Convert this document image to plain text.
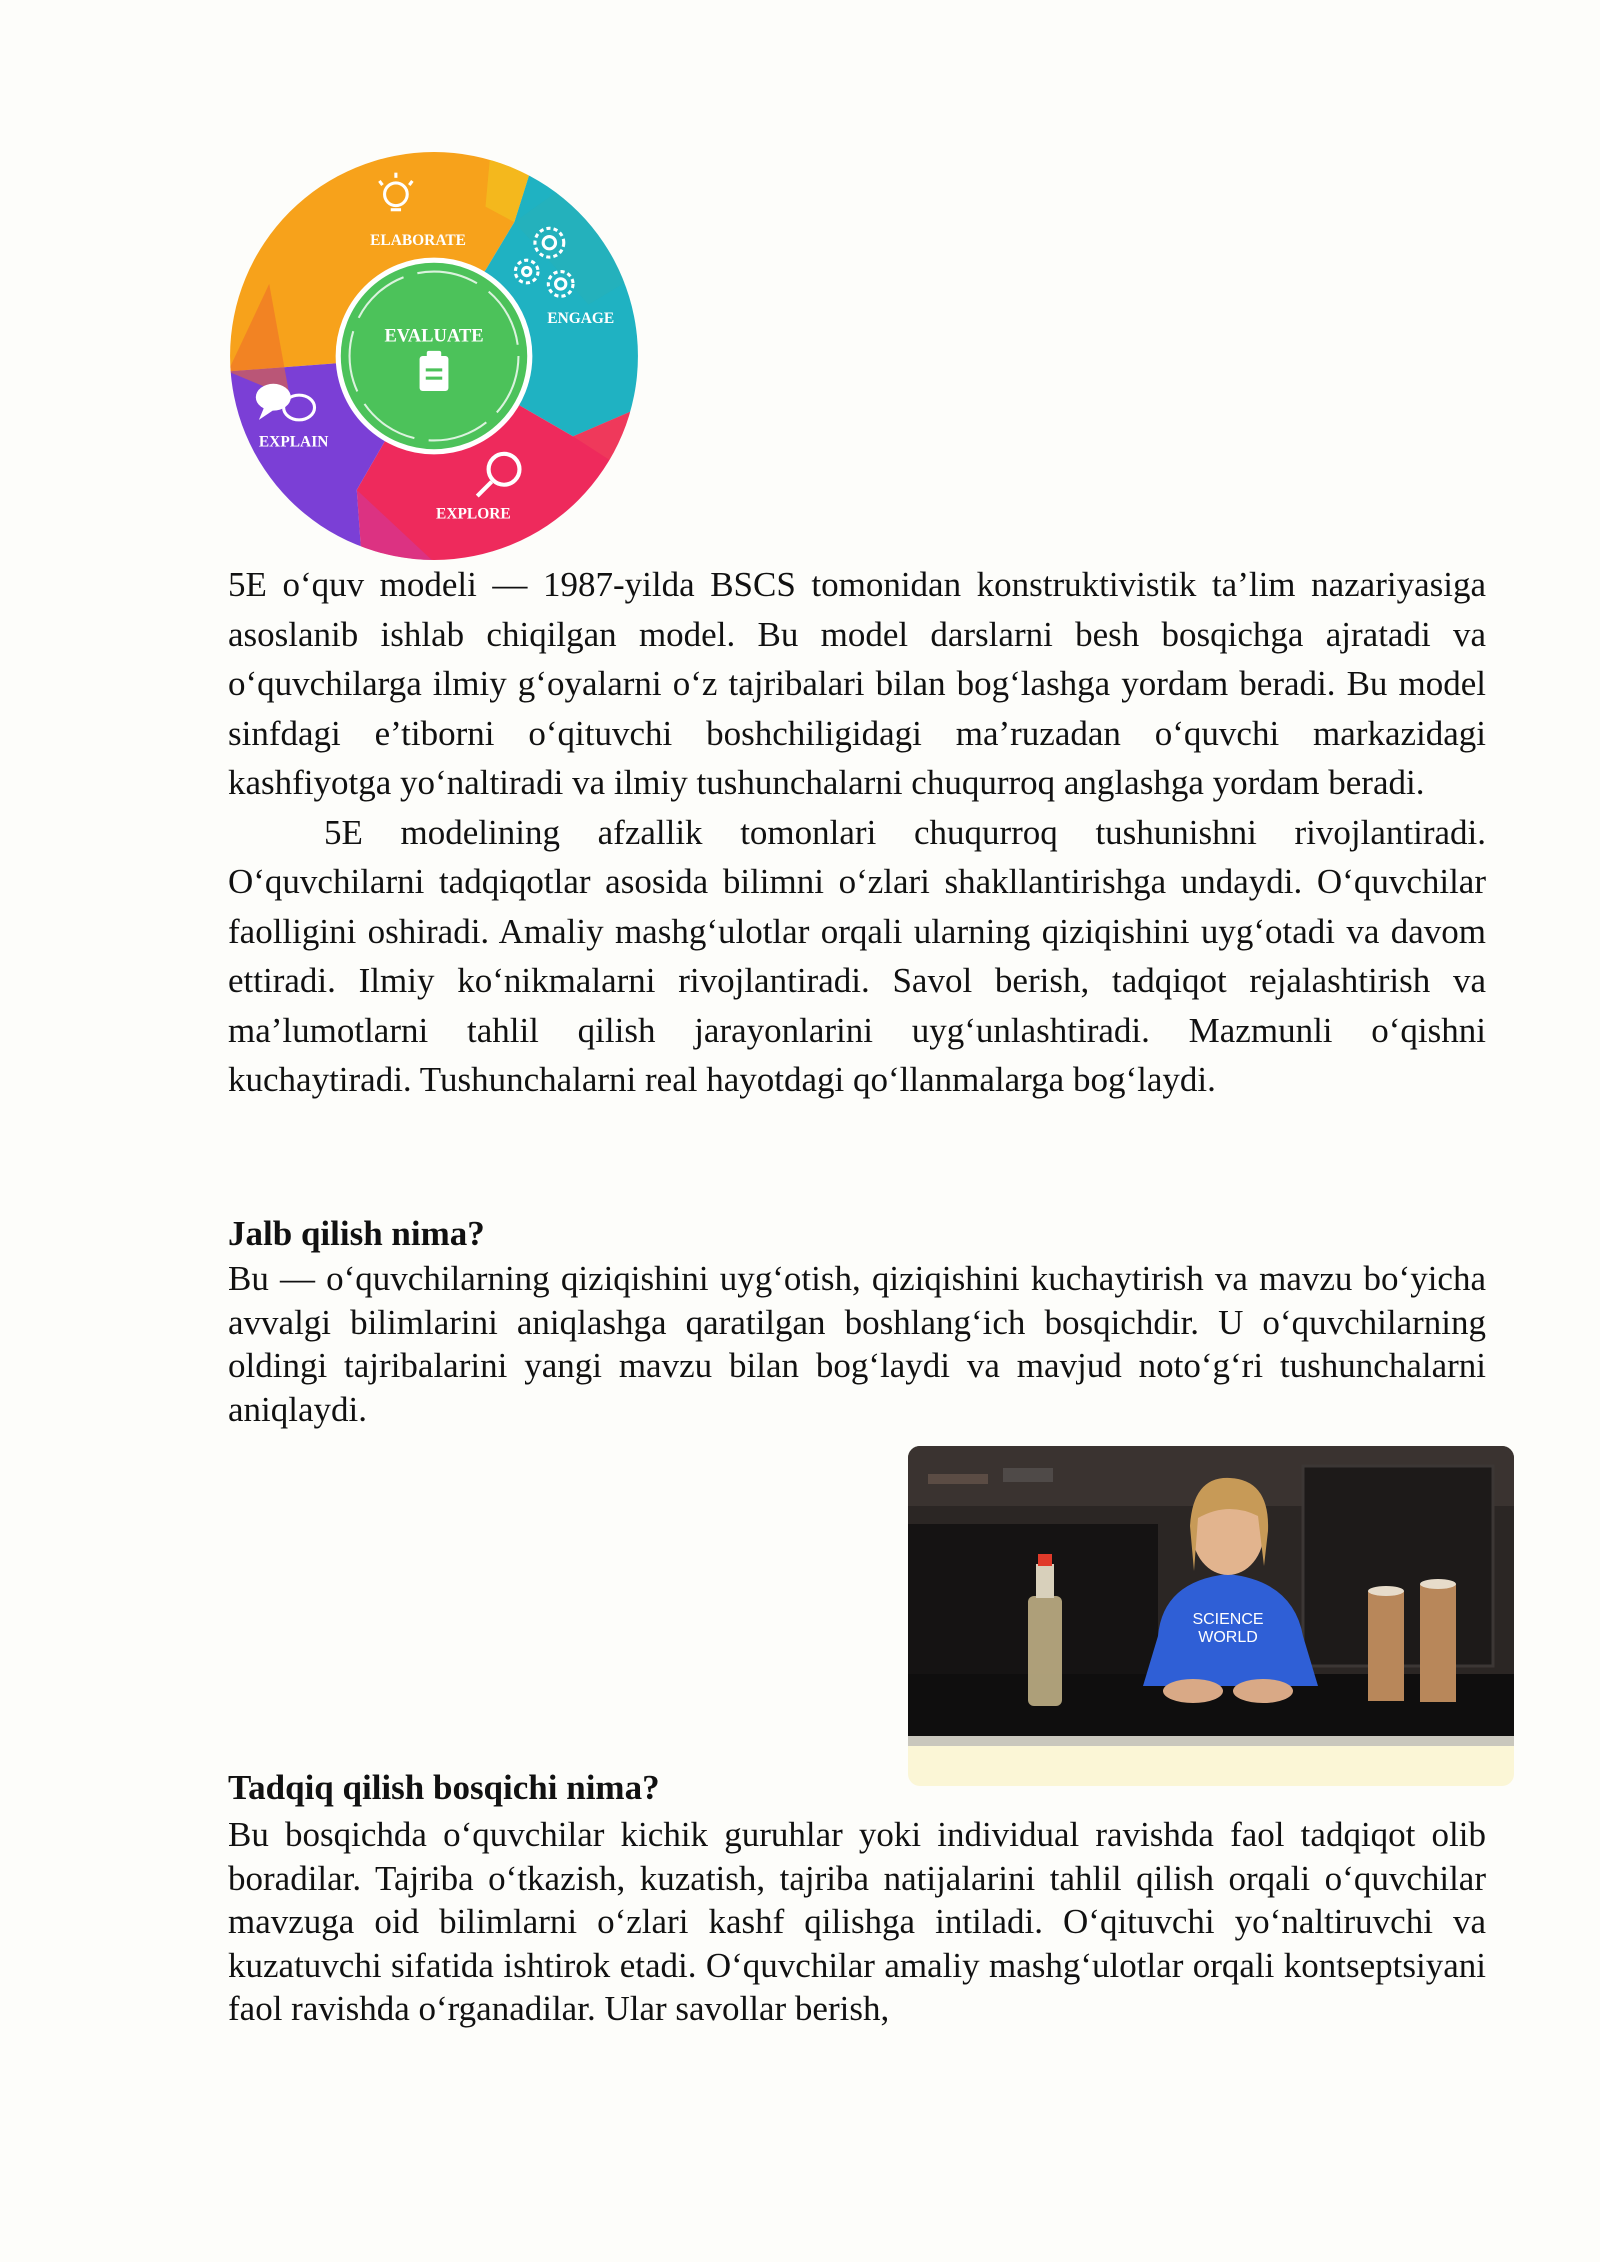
ELABORATE
ENGAGE
EVALUATE
EXPLAIN
EXPLORE

5E o‘quv modeli — 1987-yilda BSCS tomonidan konstruktivistik ta’lim nazariyasiga asoslanib ishlab chiqilgan model. Bu model darslarni besh bosqichga ajratadi va o‘quvchilarga ilmiy g‘oyalarni o‘z tajribalari bilan bog‘lashga yordam beradi. Bu model sinfdagi e’tiborni o‘qituvchi boshchiligidagi ma’ruzadan o‘quvchi markazidagi kashfiyotga yo‘naltiradi va ilmiy tushunchalarni chuqurroq anglashga yordam beradi.

5E modelining afzallik tomonlari chuqurroq tushunishni rivojlantiradi. O‘quvchilarni tadqiqotlar asosida bilimni o‘zlari shakllantirishga undaydi. O‘quvchilar faolligini oshiradi. Amaliy mashg‘ulotlar orqali ularning qiziqishini uyg‘otadi va davom ettiradi. Ilmiy ko‘nikmalarni rivojlantiradi. Savol berish, tadqiqot rejalashtirish va ma’lumotlarni tahlil qilish jarayonlarini uyg‘unlashtiradi. Mazmunli o‘qishni kuchaytiradi. Tushunchalarni real hayotdagi qo‘llanmalarga bog‘laydi.

Jalb qilish nima?

Bu — o‘quvchilarning qiziqishini uyg‘otish, qiziqishini kuchaytirish va mavzu bo‘yicha avvalgi bilimlarini aniqlashga qaratilgan boshlang‘ich bosqichdir. U o‘quvchilarning oldingi tajribalarini yangi mavzu bilan bog‘laydi va mavjud noto‘g‘ri tushunchalarni aniqlaydi.

SCIENCE
WORLD
Tadqiq qilish bosqichi nima?

Bu bosqichda o‘quvchilar kichik guruhlar yoki individual ravishda faol tadqiqot olib boradilar. Tajriba o‘tkazish, kuzatish, tajriba natijalarini tahlil qilish orqali o‘quvchilar mavzuga oid bilimlarni o‘zlari kashf qilishga intiladi. O‘qituvchi yo‘naltiruvchi va kuzatuvchi sifatida ishtirok etadi. O‘quvchilar amaliy mashg‘ulotlar orqali kontseptsiyani faol ravishda o‘rganadilar. Ular savollar berish,
